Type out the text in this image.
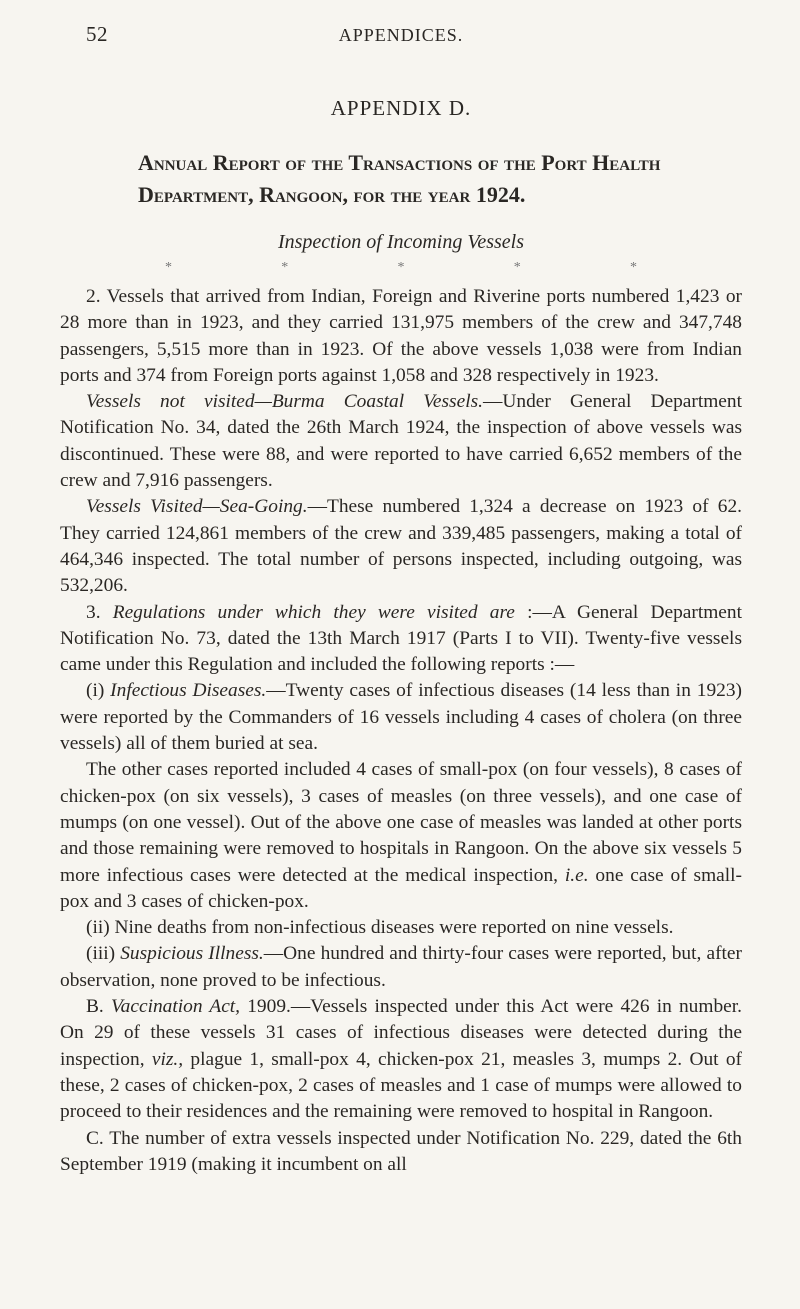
52	APPENDICES.
APPENDIX D.
Annual Report of the Transactions of the Port Health
Department, Rangoon, for the year 1924.
Inspection of Incoming Vessels
*	*	*	*	*

2. Vessels that arrived from Indian, Foreign and Riverine ports numbered 1,423 or 28 more than in 1923, and they carried 131,975 members of the crew and 347,748 passengers, 5,515 more than in 1923. Of the above vessels 1,038 were from Indian ports and 374 from Foreign ports against 1,058 and 328 respectively in 1923.

Vessels not visited—Burma Coastal Vessels.—Under General Department Notification No. 34, dated the 26th March 1924, the inspection of above vessels was discontinued. These were 88, and were reported to have carried 6,652 members of the crew and 7,916 passengers.

Vessels Visited—Sea-Going.—These numbered 1,324 a decrease on 1923 of 62. They carried 124,861 members of the crew and 339,485 passengers, making a total of 464,346 inspected. The total number of persons inspected, including outgoing, was 532,206.

3. Regulations under which they were visited are :—A General Department Notification No. 73, dated the 13th March 1917 (Parts I to VII). Twenty-five vessels came under this Regulation and included the following reports :—

(i) Infectious Diseases.—Twenty cases of infectious diseases (14 less than in 1923) were reported by the Commanders of 16 vessels including 4 cases of cholera (on three vessels) all of them buried at sea.

The other cases reported included 4 cases of small-pox (on four vessels), 8 cases of chicken-pox (on six vessels), 3 cases of measles (on three vessels), and one case of mumps (on one vessel). Out of the above one case of measles was landed at other ports and those remaining were removed to hospitals in Rangoon. On the above six vessels 5 more infectious cases were detected at the medical inspection, i.e. one case of small-pox and 3 cases of chicken-pox.

(ii) Nine deaths from non-infectious diseases were reported on nine vessels.

(iii) Suspicious Illness.—One hundred and thirty-four cases were reported, but, after observation, none proved to be infectious.

B. Vaccination Act, 1909.—Vessels inspected under this Act were 426 in number. On 29 of these vessels 31 cases of infectious diseases were detected during the inspection, viz., plague 1, small-pox 4, chicken-pox 21, measles 3, mumps 2. Out of these, 2 cases of chicken-pox, 2 cases of measles and 1 case of mumps were allowed to proceed to their residences and the remaining were removed to hospital in Rangoon.

C. The number of extra vessels inspected under Notification No. 229, dated the 6th September 1919 (making it incumbent on all
